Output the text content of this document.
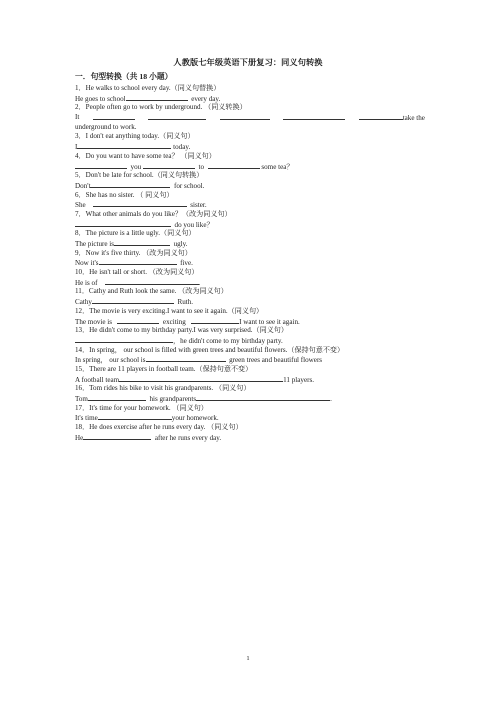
人教版七年级英语下册复习：同义句转换
一．句型转换（共 18 小题）
1．He walks to school every day.（同义句替换）
He goes to school	every day.
2．People often go to work by underground. （同义转换）
It	take the
underground to work.
3．I don't eat anything today.（同义句）
I	today.
4．Do you want to have some tea？ （同义句）
you	to	some tea？
5．Don't be late for school.（同义句转换）
Don't	for school.
6．She has no sister. （ 同义句）
She	sister.
7．What other animals do you like？（改为同义句）
do you like？
8．The picture is a little ugly.（同义句）
The picture is	ugly.
9．Now it's five thirty. （改为同义句）
Now it's	five.
10．He isn't tall or short. （改为同义句）
He is of	.
11．Cathy and Ruth look the same. （改为同义句）
Cathy	Ruth.
12．The movie is very exciting.I want to see it again.（同义句）
The movie is	exciting	I want to see it again.
13．He didn't come to my birthday party.I was very surprised.（同义句）
，he didn't come to my birthday party.
14．In spring， our school is filled with green trees and beautiful flowers.（保持句意不变）
In spring， our school is	green trees and beautiful flowers
15．There are 11 players in football team.（保持句意不变）
A football team	11 players.
16．Tom rides his bike to visit his grandparents. （同义句）
Tom	his grandparents	.
17．It's time for your homework. （同义句）
It's time	your homework.
18．He does exercise after he runs every day. （同义句）
He	after he runs every day.
1
